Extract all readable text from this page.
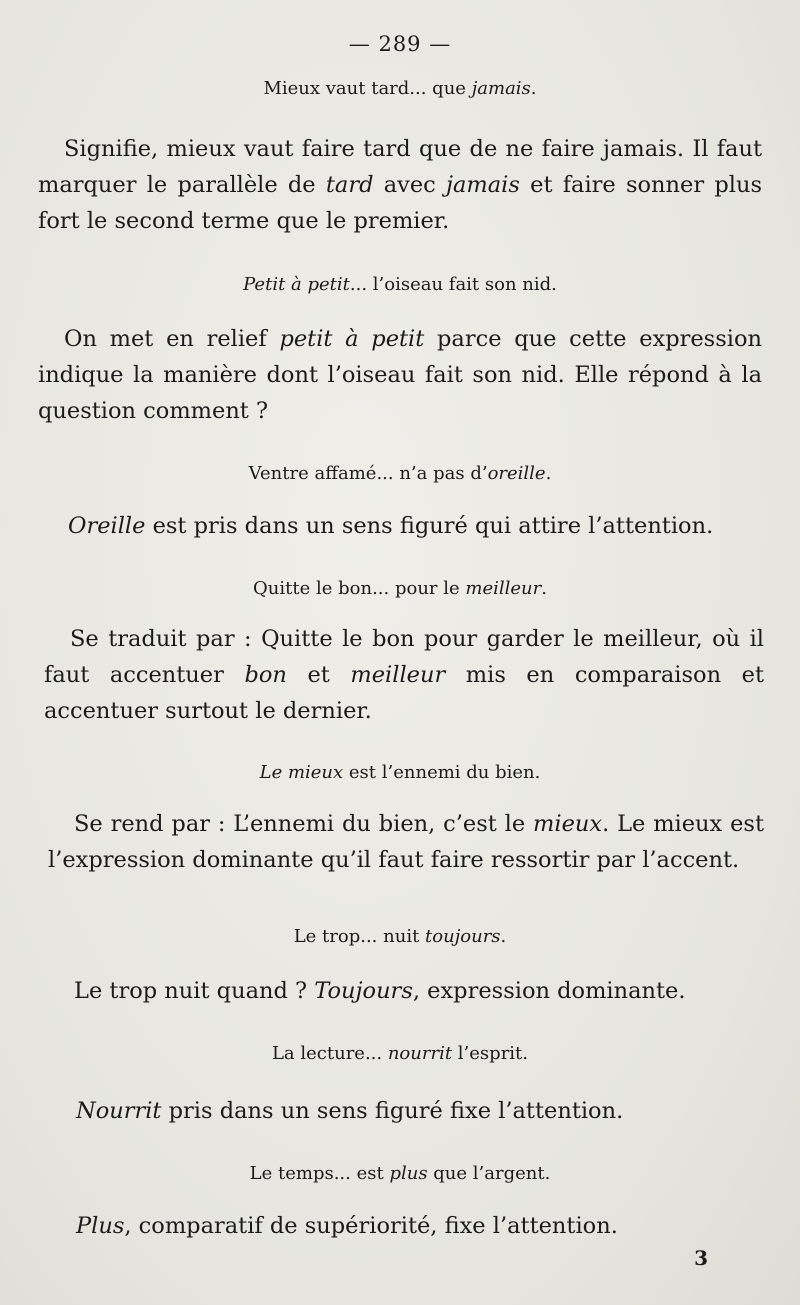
— 289 —
Mieux vaut tard... que jamais.
Signifie, mieux vaut faire tard que de ne faire jamais. Il faut marquer le parallèle de tard avec jamais et faire sonner plus fort le second terme que le premier.
Petit à petit... l’oiseau fait son nid.
On met en relief petit à petit parce que cette expression indique la manière dont l’oiseau fait son nid. Elle répond à la question comment ?
Ventre affamé... n’a pas d’oreille.
Oreille est pris dans un sens figuré qui attire l’attention.
Quitte le bon... pour le meilleur.
Se traduit par : Quitte le bon pour garder le meilleur, où il faut accentuer bon et meilleur mis en comparaison et accentuer surtout le dernier.
Le mieux est l’ennemi du bien.
Se rend par : L’ennemi du bien, c’est le mieux. Le mieux est l’expression dominante qu’il faut faire ressortir par l’accent.
Le trop... nuit toujours.
Le trop nuit quand ? Toujours, expression dominante.
La lecture... nourrit l’esprit.
Nourrit pris dans un sens figuré fixe l’attention.
Le temps... est plus que l’argent.
Plus, comparatif de supériorité, fixe l’attention.
3
